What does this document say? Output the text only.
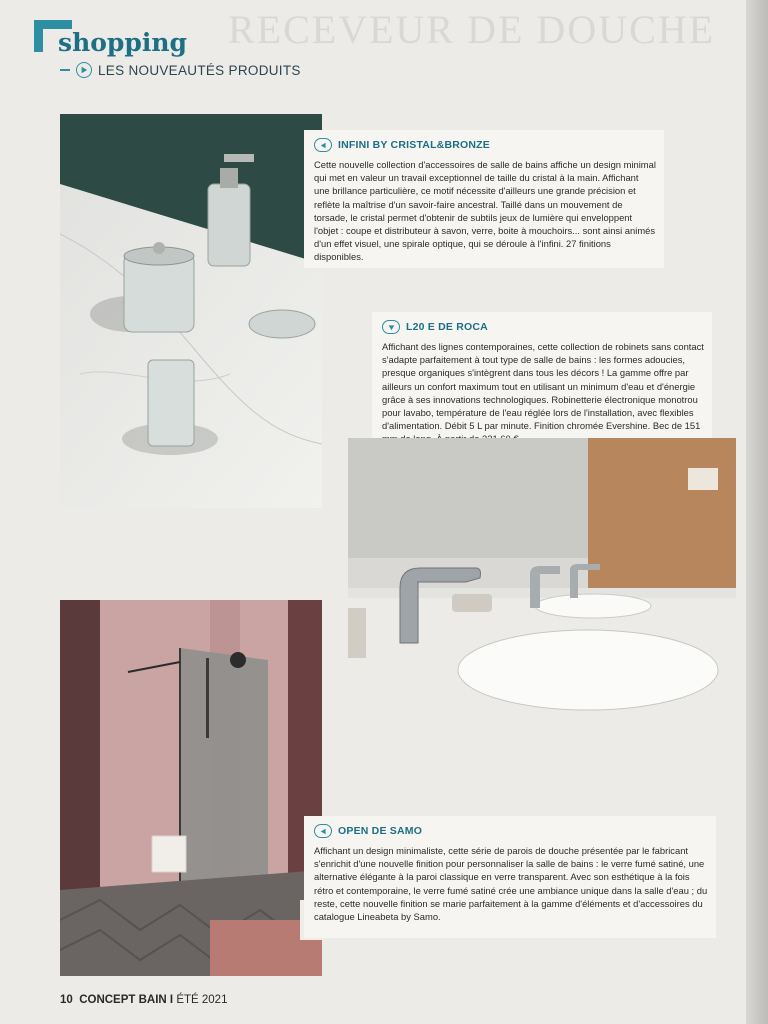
RECEVEUR DE DOUCHE
shopping
LES NOUVEAUTÉS PRODUITS
INFINI BY CRISTAL&BRONZE
Cette nouvelle collection d'accessoires de salle de bains affiche un design minimal qui met en valeur un travail exceptionnel de taille du cristal à la main. Affichant une brillance particulière, ce motif nécessite d'ailleurs une grande précision et reflète la maîtrise d'un savoir-faire ancestral. Taillé dans un mouvement de torsade, le cristal permet d'obtenir de subtils jeux de lumière qui enveloppent l'objet : coupe et distributeur à savon, verre, boite à mouchoirs... sont ainsi animés d'un effet visuel, une spirale optique, qui se déroule à l'infini. 27 finitions disponibles.
L20 E DE ROCA
Affichant des lignes contemporaines, cette collection de robinets sans contact s'adapte parfaitement à tout type de salle de bains : les formes adoucies, presque organiques s'intègrent dans tous les décors ! La gamme offre par ailleurs un confort maximum tout en utilisant un minimum d'eau et d'énergie grâce à ses innovations technologiques. Robinetterie électronique monotrou pour lavabo, température de l'eau réglée lors de l'installation, avec flexibles d'alimentation. Débit 5 L par minute. Finition chromée Evershine. Bec de 151
OPEN DE SAMO
Affichant un design minimaliste, cette série de parois de douche présentée par le fabricant s'enrichit d'une nouvelle finition pour personnaliser la salle de bains : le verre fumé satiné, une alternative élégante à la paroi classique en verre transparent. Avec son esthétique à la fois rétro et contemporaine, le verre fumé satiné crée une ambiance unique dans la salle d'eau ; du reste, cette nouvelle finition se marie parfaitement à la gamme d'éléments et d'accessoires du catalogue Lineabeta by Samo.
10 CONCEPT BAIN I ÉTÉ 2021
